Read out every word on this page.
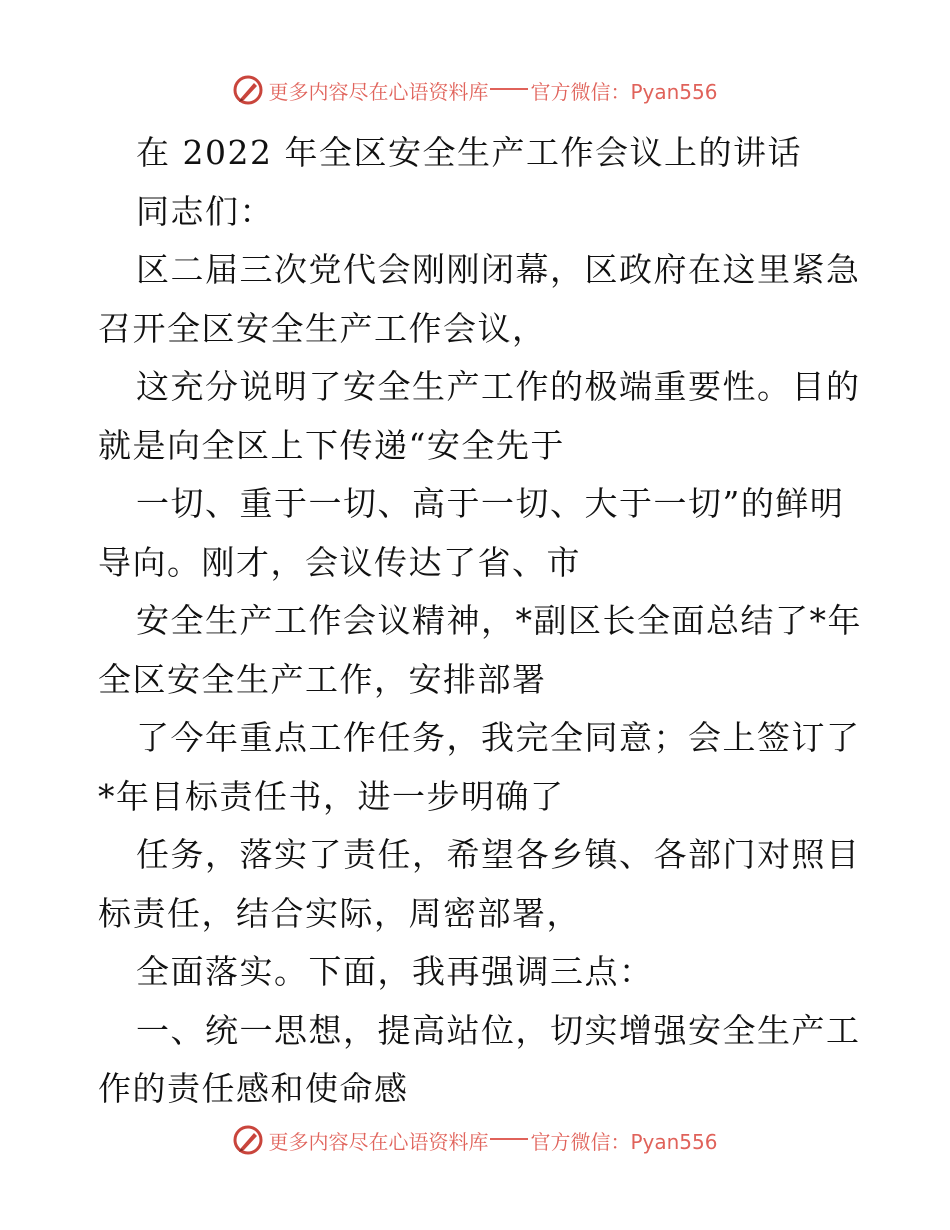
更多内容尽在心语资料库 官方微信：Pyan556
在 2022 年全区安全生产工作会议上的讲话
同志们：
区二届三次党代会刚刚闭幕，区政府在这里紧急
召开全区安全生产工作会议，
这充分说明了安全生产工作的极端重要性。目的
就是向全区上下传递“安全先于
一切、重于一切、高于一切、大于一切”的鲜明
导向。刚才，会议传达了省、市
安全生产工作会议精神，*副区长全面总结了*年
全区安全生产工作，安排部署
了今年重点工作任务，我完全同意；会上签订了
*年目标责任书，进一步明确了
任务，落实了责任，希望各乡镇、各部门对照目
标责任，结合实际，周密部署，
全面落实。下面，我再强调三点：
一、统一思想，提高站位，切实增强安全生产工
作的责任感和使命感
更多内容尽在心语资料库 官方微信：Pyan556
